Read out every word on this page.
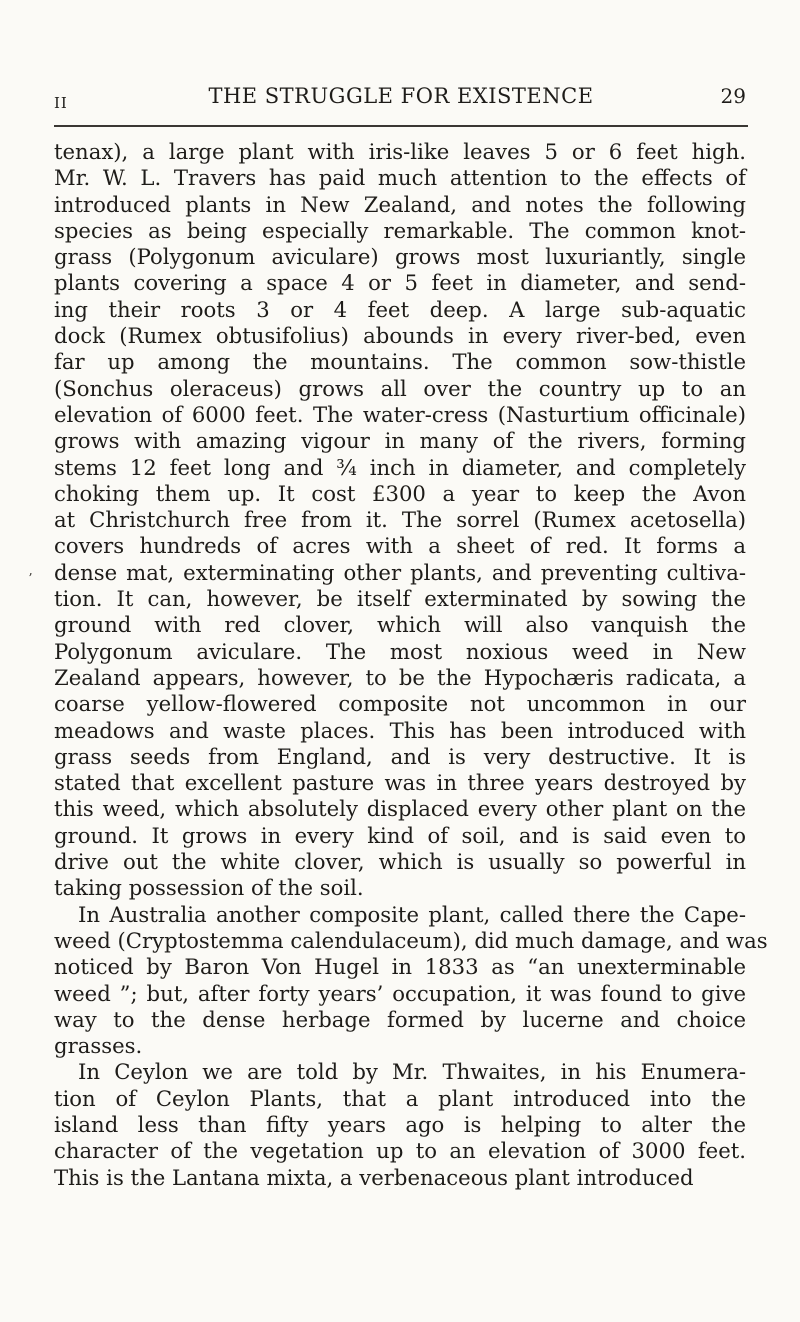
II	THE STRUGGLE FOR EXISTENCE	29
ʼ
tenax), a large plant with iris-like leaves 5 or 6 feet high.
Mr. W. L. Travers has paid much attention to the effects of
introduced plants in New Zealand, and notes the following
species as being especially remarkable. The common knot-
grass (Polygonum aviculare) grows most luxuriantly, single
plants covering a space 4 or 5 feet in diameter, and send-
ing their roots 3 or 4 feet deep. A large sub-aquatic
dock (Rumex obtusifolius) abounds in every river-bed, even
far up among the mountains. The common sow-thistle
(Sonchus oleraceus) grows all over the country up to an
elevation of 6000 feet. The water-cress (Nasturtium officinale)
grows with amazing vigour in many of the rivers, forming
stems 12 feet long and ¾ inch in diameter, and completely
choking them up. It cost £300 a year to keep the Avon
at Christchurch free from it. The sorrel (Rumex acetosella)
covers hundreds of acres with a sheet of red. It forms a
dense mat, exterminating other plants, and preventing cultiva-
tion. It can, however, be itself exterminated by sowing the
ground with red clover, which will also vanquish the
Polygonum aviculare. The most noxious weed in New
Zealand appears, however, to be the Hypochæris radicata, a
coarse yellow-flowered composite not uncommon in our
meadows and waste places. This has been introduced with
grass seeds from England, and is very destructive. It is
stated that excellent pasture was in three years destroyed by
this weed, which absolutely displaced every other plant on the
ground. It grows in every kind of soil, and is said even to
drive out the white clover, which is usually so powerful in
taking possession of the soil.
In Australia another composite plant, called there the Cape-
weed (Cryptostemma calendulaceum), did much damage, and was
noticed by Baron Von Hugel in 1833 as “an unexterminable
weed ”; but, after forty years’ occupation, it was found to give
way to the dense herbage formed by lucerne and choice
grasses.
In Ceylon we are told by Mr. Thwaites, in his Enumera-
tion of Ceylon Plants, that a plant introduced into the
island less than fifty years ago is helping to alter the
character of the vegetation up to an elevation of 3000 feet.
This is the Lantana mixta, a verbenaceous plant introduced
